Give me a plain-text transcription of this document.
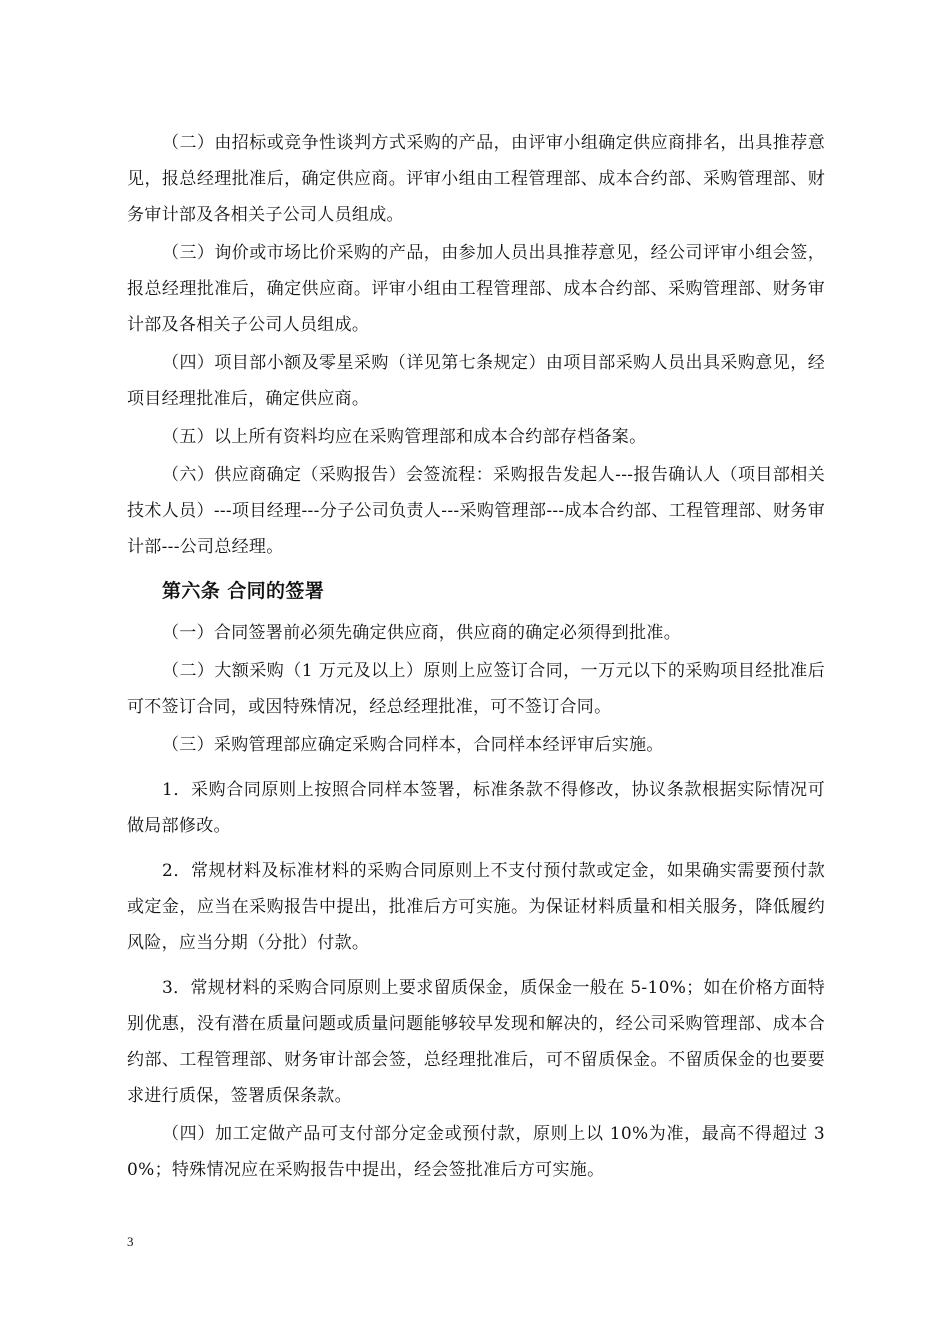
（二）由招标或竞争性谈判方式采购的产品，由评审小组确定供应商排名，出具推荐意见，报总经理批准后，确定供应商。评审小组由工程管理部、成本合约部、采购管理部、财务审计部及各相关子公司人员组成。

（三）询价或市场比价采购的产品，由参加人员出具推荐意见，经公司评审小组会签，报总经理批准后，确定供应商。评审小组由工程管理部、成本合约部、采购管理部、财务审计部及各相关子公司人员组成。

（四）项目部小额及零星采购（详见第七条规定）由项目部采购人员出具采购意见，经项目经理批准后，确定供应商。

（五）以上所有资料均应在采购管理部和成本合约部存档备案。

（六）供应商确定（采购报告）会签流程：采购报告发起人---报告确认人（项目部相关技术人员）---项目经理---分子公司负责人---采购管理部---成本合约部、工程管理部、财务审计部---公司总经理。

第六条 合同的签署

（一）合同签署前必须先确定供应商，供应商的确定必须得到批准。

（二）大额采购（1 万元及以上）原则上应签订合同，一万元以下的采购项目经批准后可不签订合同，或因特殊情况，经总经理批准，可不签订合同。

（三）采购管理部应确定采购合同样本，合同样本经评审后实施。

1．采购合同原则上按照合同样本签署，标准条款不得修改，协议条款根据实际情况可做局部修改。

2．常规材料及标准材料的采购合同原则上不支付预付款或定金，如果确实需要预付款或定金，应当在采购报告中提出，批准后方可实施。为保证材料质量和相关服务，降低履约风险，应当分期（分批）付款。

3．常规材料的采购合同原则上要求留质保金，质保金一般在 5-10%；如在价格方面特别优惠，没有潜在质量问题或质量问题能够较早发现和解决的，经公司采购管理部、成本合约部、工程管理部、财务审计部会签，总经理批准后，可不留质保金。不留质保金的也要要求进行质保，签署质保条款。

（四）加工定做产品可支付部分定金或预付款，原则上以 10%为准，最高不得超过 30%；特殊情况应在采购报告中提出，经会签批准后方可实施。

3
